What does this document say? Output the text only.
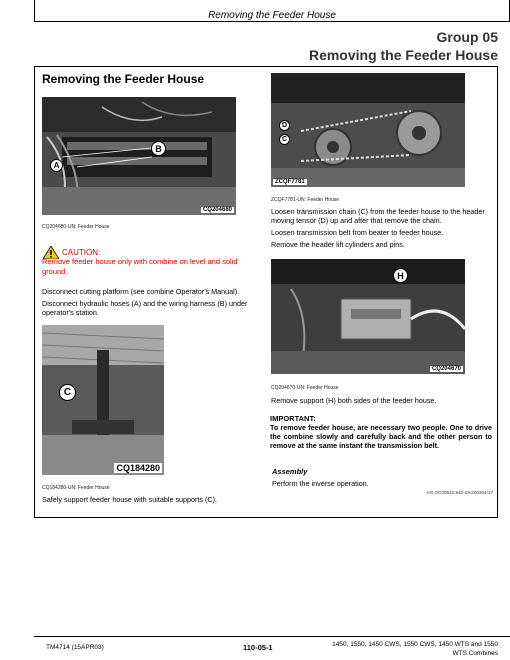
Removing the Feeder House
Group 05
Removing the Feeder House
Removing the Feeder House
CQ204680
A
B
CQ204680-UN: Feeder House
CAUTION:
Remove feeder house only with combine on level and solid ground.
Disconnect cutting platform (see combine Operator's Manual).
Disconnect hydraulic hoses (A) and the wiring harness (B) under operator's station.
CQ184280
C
CQ184280-UN: Feeder House
Safely support feeder house with suitable supports (C).
ZCQF7781
D
C
ZCQF7781-UN: Feeder House
Loosen transmission chain (C) from the feeder house to the header moving tensor (D) up and after that remove the chain.
Loosen transmission belt from beater to feeder house.
Remove the header lift cylinders and pins.
CQ204670
H
CQ204670-UN: Feeder House
Remove support (H) both sides of the feeder house.
IMPORTANT:
To remove feeder house, are necessary two people. One to drive the combine slowly and carefully back and the other person to remove at the same instant the transmission belt.
Assembly
Perform the inverse operation.
AG,OC00522,842-19-200204/17
TM4714 (15APR03)	110-05-1	1450, 1550, 1450 CWS, 1550 CWS, 1450 WTS and 1550
WTS Combines
